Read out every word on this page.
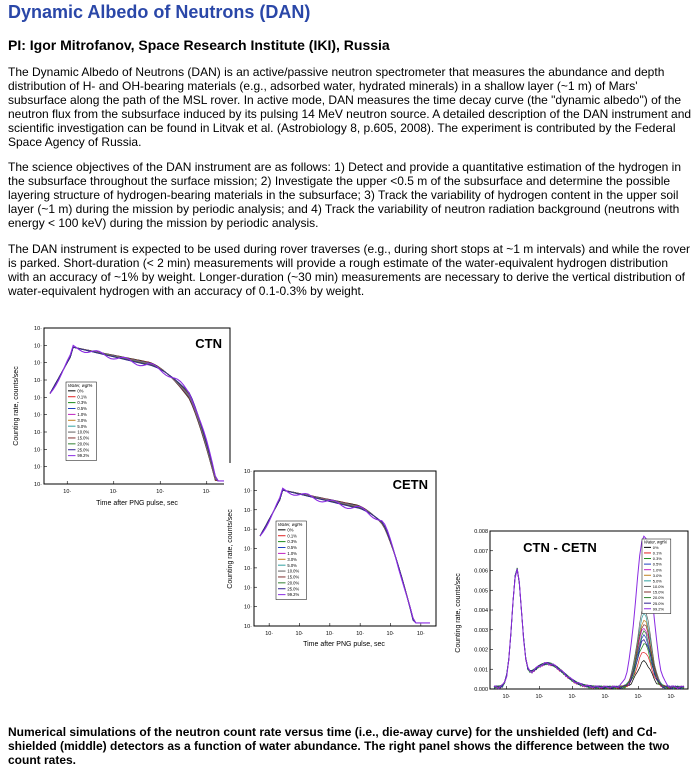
Dynamic Albedo of Neutrons (DAN)
PI: Igor Mitrofanov, Space Research Institute (IKI), Russia

The Dynamic Albedo of Neutrons (DAN) is an active/passive neutron spectrometer that measures the abundance and depth distribution of H- and OH-bearing materials (e.g., adsorbed water, hydrated minerals) in a shallow layer (~1 m) of Mars' subsurface along the path of the MSL rover. In active mode, DAN measures the time decay curve (the "dynamic albedo") of the neutron flux from the subsurface induced by its pulsing 14 MeV neutron source. A detailed description of the DAN instrument and scientific investigation can be found in Litvak et al. (Astrobiology 8, p.605, 2008). The experiment is contributed by the Federal Space Agency of Russia.

The science objectives of the DAN instrument are as follows: 1) Detect and provide a quantitative estimation of the hydrogen in the subsurface throughout the surface mission; 2) Investigate the upper <0.5 m of the subsurface and determine the possible layering structure of hydrogen-bearing materials in the subsurface; 3) Track the variability of hydrogen content in the upper soil layer (~1 m) during the mission by periodic analysis; and 4) Track the variability of neutron radiation background (neutrons with energy < 100 keV) during the mission by periodic analysis.

The DAN instrument is expected to be used during rover traverses (e.g., during short stops at ~1 m intervals) and while the rover is parked. Short-duration (< 2 min) measurements will provide a rough estimate of the water-equivalent hydrogen distribution with an accuracy of ~1% by weight. Longer-duration (~30 min) measurements are necessary to derive the vertical distribution of water-equivalent hydrogen with an accuracy of 0.1-0.3% by weight.

10·	10·	10·	10·
10·
10·
10·
10·
10·
10·
10·
10·
10·
10·
Water, wgt%
0%
0.1%
0.3%
0.5%
1.0%
3.0%
5.0%
10.0%
15.0%
20.0%
25.0%
99.2%
CTN
Time after PNG pulse, sec
Counting rate, counts/sec
10·	10·	10·	10·	10·	10·
10·
10·
10·
10·
10·
10·
10·
10·
10·
Water, wgt%
0%
0.1%
0.3%
0.5%
1.0%
3.0%
5.0%
10.0%
15.0%
20.0%
25.0%
99.2%
CETN
Time after PNG pulse, sec
Counting rate, counts/sec
10·	10·	10·	10·	10·	10·
0.000
0.001
0.002
0.003
0.004
0.005
0.006
0.007
0.008
Water, wgt%
0%
0.1%
0.3%
0.5%
1.0%
3.0%
5.0%
10.0%
15.0%
20.0%
25.0%
99.2%
CTN - CETN
Counting rate, counts/sec
Numerical simulations of the neutron count rate versus time (i.e., die-away curve) for the unshielded (left) and Cd-shielded (middle) detectors as a function of water abundance. The right panel shows the difference between the two count rates.
